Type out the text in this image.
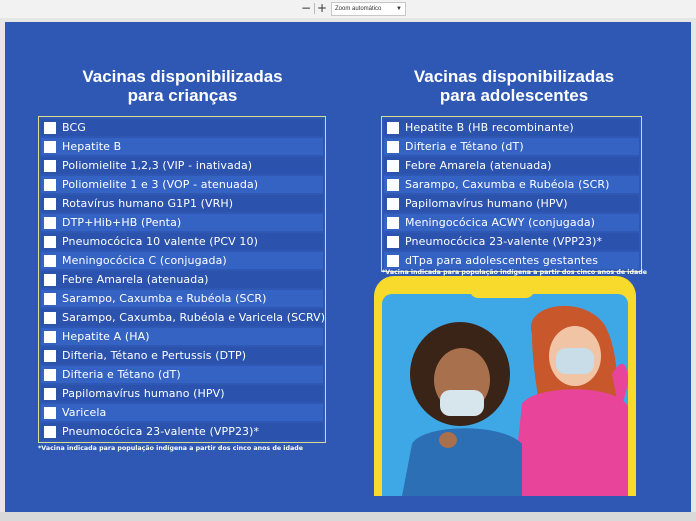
− +	Zoom automático ▼
Vacinas disponibilizadas
para crianças
BCG
Hepatite B
Poliomielite 1,2,3 (VIP - inativada)
Poliomielite 1 e 3 (VOP - atenuada)
Rotavírus humano G1P1 (VRH)
DTP+Hib+HB (Penta)
Pneumocócica 10 valente (PCV 10)
Meningocócica C (conjugada)
Febre Amarela (atenuada)
Sarampo, Caxumba e Rubéola (SCR)
Sarampo, Caxumba, Rubéola e Varicela (SCRV)
Hepatite A (HA)
Difteria, Tétano e Pertussis (DTP)
Difteria e Tétano (dT)
Papilomavírus humano (HPV)
Varicela
Pneumocócica 23-valente (VPP23)*
*Vacina indicada para população indígena a partir dos cinco anos de idade
Vacinas disponibilizadas
para adolescentes
Hepatite B (HB recombinante)
Difteria e Tétano (dT)
Febre Amarela (atenuada)
Sarampo, Caxumba e Rubéola (SCR)
Papilomavírus humano (HPV)
Meningocócica ACWY (conjugada)
Pneumocócica 23-valente (VPP23)*
dTpa para adolescentes gestantes
*Vacina indicada para população indígena a partir dos cinco anos de idade
